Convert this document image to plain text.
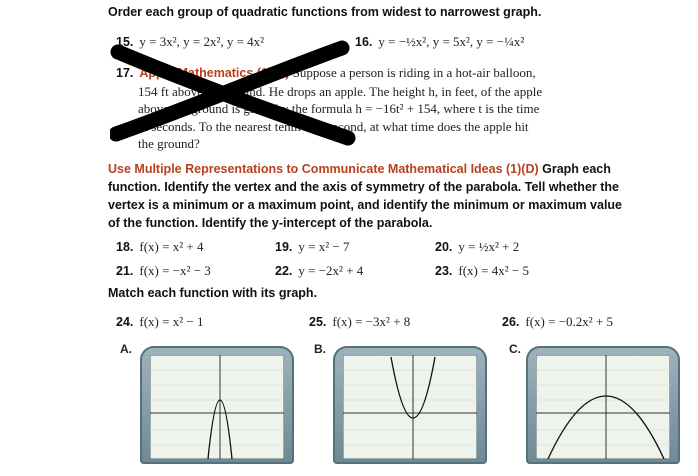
Order each group of quadratic functions from widest to narrowest graph.
15. y = 3x², y = 2x², y = 4x²	16. y = −½x², y = 5x², y = −¼x²
17. Apply Mathematics (1)(A) Suppose a person is riding in a hot-air balloon,
154 ft above the ground. He drops an apple. The height h, in feet, of the apple
above the ground is given by the formula h = −16t² + 154, where t is the time
in seconds. To the nearest tenth of a second, at what time does the apple hit
the ground?
Use Multiple Representations to Communicate Mathematical Ideas (1)(D) Graph each
function. Identify the vertex and the axis of symmetry of the parabola. Tell whether the
vertex is a minimum or a maximum point, and identify the minimum or maximum value
of the function. Identify the y-intercept of the parabola.
18. f(x) = x² + 4	19. y = x² − 7	20. y = ½x² + 2
21. f(x) = −x² − 3	22. y = −2x² + 4	23. f(x) = 4x² − 5
Match each function with its graph.
24. f(x) = x² − 1	25. f(x) = −3x² + 8	26. f(x) = −0.2x² + 5
A.	B.	C.
